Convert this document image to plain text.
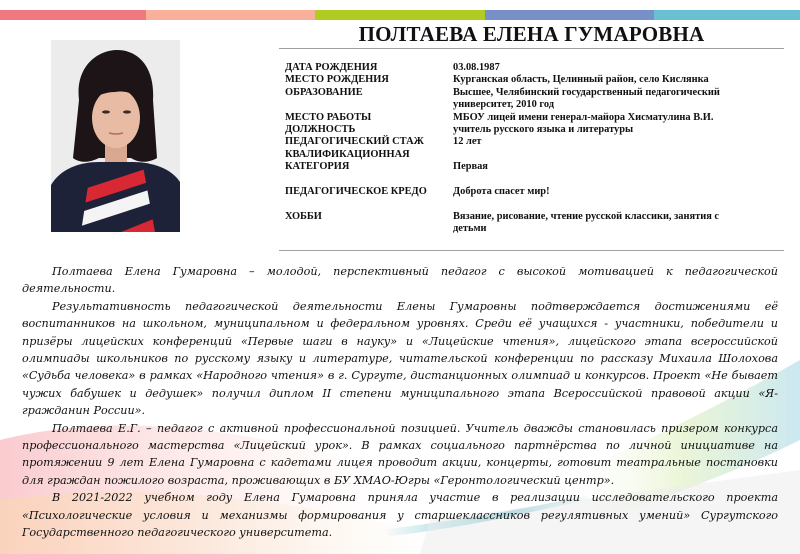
ПОЛТАЕВА ЕЛЕНА ГУМАРОВНА
ДАТА РОЖДЕНИЯ	03.08.1987
МЕСТО РОЖДЕНИЯ	Курганская область, Целинный район, село Кислянка
ОБРАЗОВАНИЕ	Высшее, Челябинский государственный педагогический университет, 2010 год
МЕСТО РАБОТЫ	МБОУ лицей имени генерал-майора Хисматулина В.И.
ДОЛЖНОСТЬ	учитель русского языка и литературы
ПЕДАГОГИЧЕСКИЙ СТАЖ	12 лет
КВАЛИФИКАЦИОННАЯ КАТЕГОРИЯ	Первая
ПЕДАГОГИЧЕСКОЕ КРЕДО	Доброта спасет мир!
ХОББИ	Вязание, рисование, чтение русской классики, занятия с детьми

Полтаева Елена Гумаровна – молодой, перспективный педагог с высокой мотивацией к педагогической деятельности.

Результативность педагогической деятельности Елены Гумаровны подтверждается достижениями её воспитанников на школьном, муниципальном и федеральном уровнях. Среди её учащихся - участники, победители и призёры лицейских конференций «Первые шаги в науку» и «Лицейские чтения», лицейского этапа всероссийской олимпиады школьников по русскому языку и литературе, читательской конференции по рассказу Михаила Шолохова «Судьба человека» в рамках «Народного чтения» в г. Сургуте, дистанционных олимпиад и конкурсов. Проект «Не бывает чужих бабушек и дедушек» получил диплом II степени муниципального этапа Всероссийской правовой акции «Я-гражданин России».

Полтаева Е.Г. – педагог с активной профессиональной позицией. Учитель дважды становилась призером конкурса профессионального мастерства «Лицейский урок». В рамках социального партнёрства по личной инициативе на протяжении 9 лет Елена Гумаровна с кадетами лицея проводит акции, концерты, готовит театральные постановки для граждан пожилого возраста, проживающих в БУ ХМАО-Югры «Геронтологический центр».

В 2021-2022 учебном году Елена Гумаровна приняла участие в реализации исследовательского проекта «Психологические условия и механизмы формирования у старшеклассников регулятивных умений» Сургутского Государственного педагогического университета.
